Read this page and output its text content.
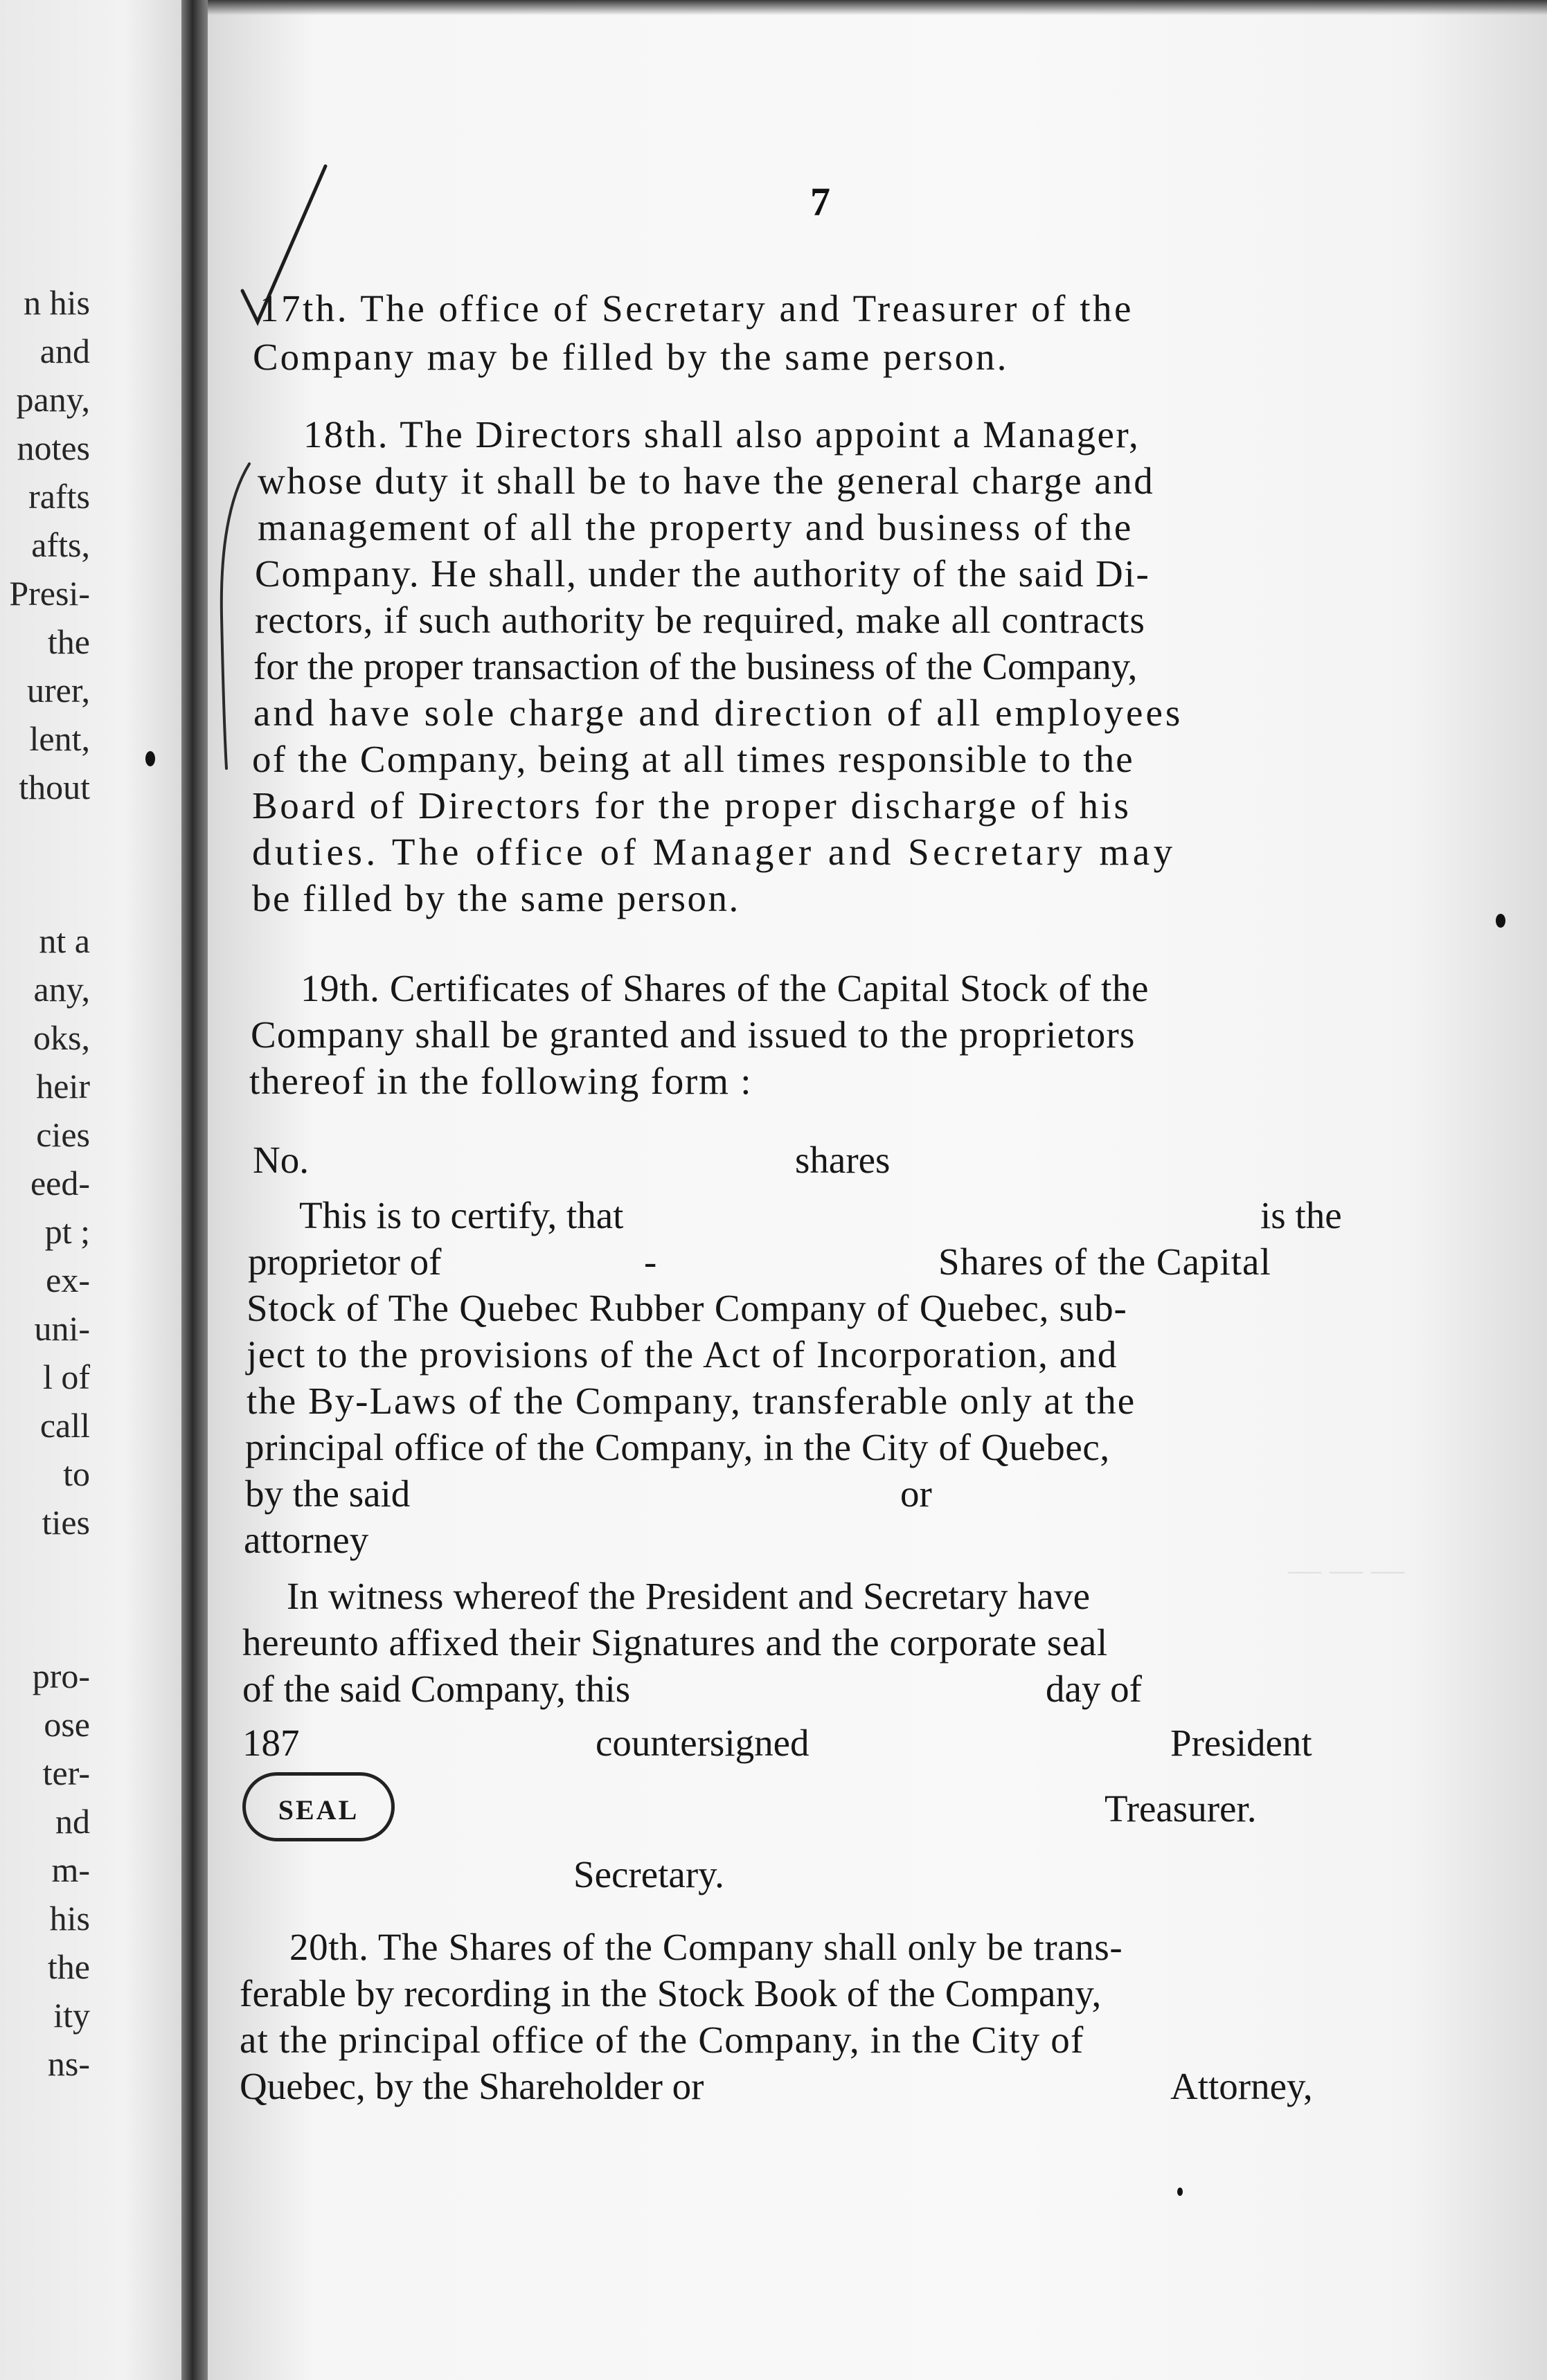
n his
and
pany,
notes
rafts
afts,
Presi-
the
urer,
lent,
thout
nt a
any,
oks,
heir
cies
eed-
pt ;
ex-
uni-
l of
call
to
ties
pro-
ose
ter-
nd
m-
his
the
ity
ns-
— — —
7
17th. The office of Secretary and Treasurer of the
Company may be filled by the same person.
18th. The Directors shall also appoint a Manager,
whose duty it shall be to have the general charge and
management of all the property and business of the
Company. He shall, under the authority of the said Di-
rectors, if such authority be required, make all contracts
for the proper transaction of the business of the Company,
and have sole charge and direction of all employees
of the Company, being at all times responsible to the
Board of Directors for the proper discharge of his
duties. The office of Manager and Secretary may
be filled by the same person.
19th. Certificates of Shares of the Capital Stock of the
Company shall be granted and issued to the proprietors
thereof in the following form :
No.	shares
This is to certify, that	is the
proprietor of	-	Shares of the Capital
Stock of The Quebec Rubber Company of Quebec, sub-
ject to the provisions of the Act of Incorporation, and
the By-Laws of the Company, transferable only at the
principal office of the Company, in the City of Quebec,
by the said	or
attorney
In witness whereof the President and Secretary have
hereunto affixed their Signatures and the corporate seal
of the said Company, this	day of
187	countersigned	President
SEAL	Treasurer.
Secretary.
20th. The Shares of the Company shall only be trans-
ferable by recording in the Stock Book of the Company,
at the principal office of the Company, in the City of
Quebec, by the Shareholder or	Attorney,
